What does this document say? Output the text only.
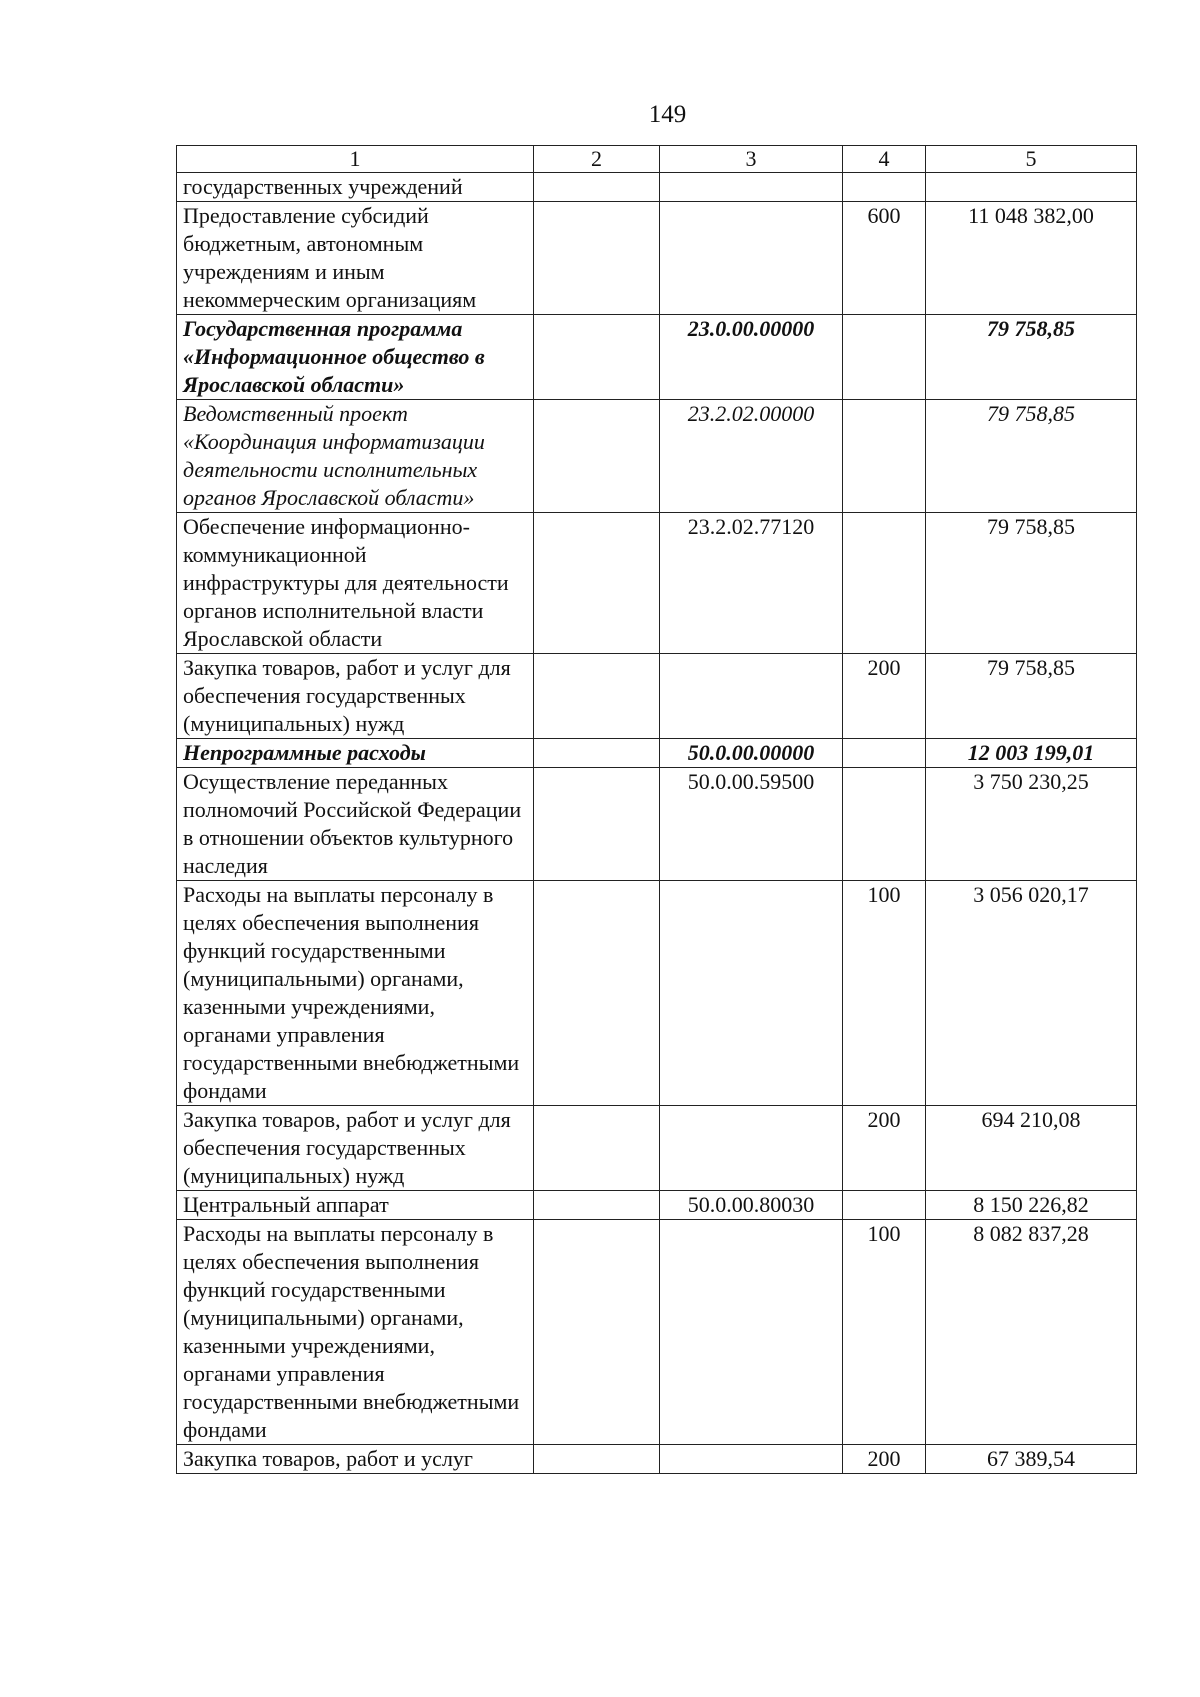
149
1	2	3	4	5
государственных учреждений				
Предоставление субсидий бюджетным, автономным учреждениям и иным некоммерческим организациям			600	11 048 382,00
Государственная программа «Информационное общество в Ярославской области»		23.0.00.00000		79 758,85
Ведомственный проект «Координация информатизации деятельности исполнительных органов Ярославской области»		23.2.02.00000		79 758,85
Обеспечение информационно-коммуникационной инфраструктуры для деятельности органов исполнительной власти Ярославской области		23.2.02.77120		79 758,85
Закупка товаров, работ и услуг для обеспечения государственных (муниципальных) нужд			200	79 758,85
Непрограммные расходы		50.0.00.00000		12 003 199,01
Осуществление переданных полномочий Российской Федерации в отношении объектов культурного наследия		50.0.00.59500		3 750 230,25
Расходы на выплаты персоналу в целях обеспечения выполнения функций государственными (муниципальными) органами, казенными учреждениями, органами управления государственными внебюджетными фондами			100	3 056 020,17
Закупка товаров, работ и услуг для обеспечения государственных (муниципальных) нужд			200	694 210,08
Центральный аппарат		50.0.00.80030		8 150 226,82
Расходы на выплаты персоналу в целях обеспечения выполнения функций государственными (муниципальными) органами, казенными учреждениями, органами управления государственными внебюджетными фондами			100	8 082 837,28
Закупка товаров, работ и услуг			200	67 389,54
